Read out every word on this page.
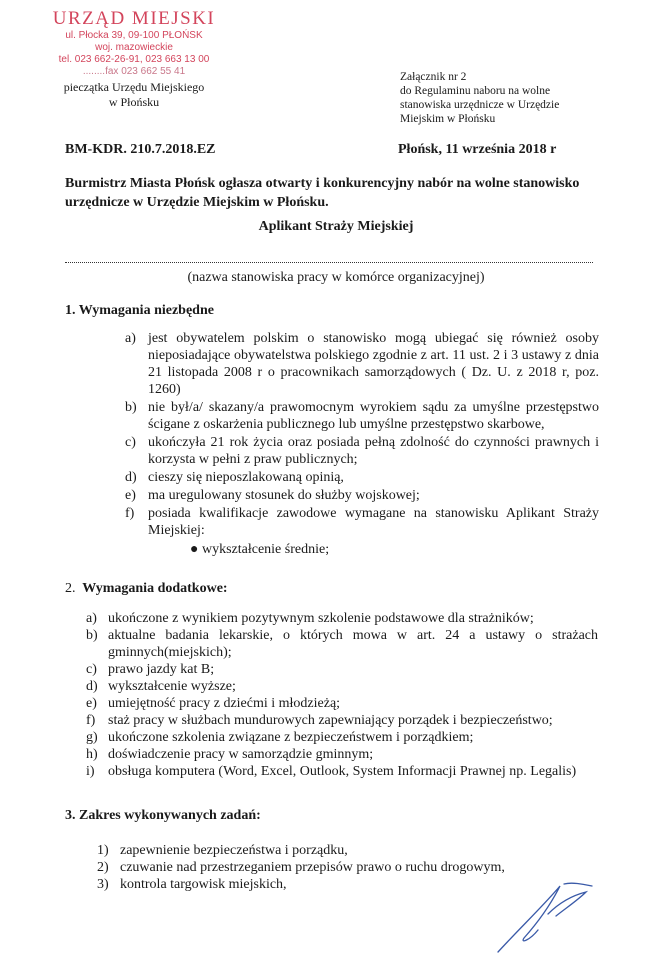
URZĄD MIEJSKI
ul. Płocka 39, 09-100 PŁOŃSK
woj. mazowieckie
tel. 023 662-26-91, 023 663 13 00
........fax 023 662 55 41
pieczątka Urzędu Miejskiego
w Płońsku
Załącznik nr 2
do Regulaminu naboru na wolne
stanowiska urzędnicze w Urzędzie
Miejskim w Płońsku
BM-KDR. 210.7.2018.EZ	Płońsk, 11 września 2018 r
Burmistrz Miasta Płońsk ogłasza otwarty i konkurencyjny nabór na wolne stanowisko urzędnicze w Urzędzie Miejskim w Płońsku.
Aplikant Straży Miejskiej
(nazwa stanowiska pracy w komórce organizacyjnej)
1. Wymagania niezbędne
a) jest obywatelem polskim o stanowisko mogą ubiegać się również osoby nieposiadające obywatelstwa polskiego zgodnie z art. 11 ust. 2 i 3 ustawy z dnia 21 listopada 2008 r o pracownikach samorządowych ( Dz. U. z 2018 r, poz. 1260)
b) nie był/a/ skazany/a prawomocnym wyrokiem sądu za umyślne przestępstwo ścigane z oskarżenia publicznego lub umyślne przestępstwo skarbowe,
c) ukończyła 21 rok życia oraz posiada pełną zdolność do czynności prawnych i korzysta w pełni z praw publicznych;
d) cieszy się nieposzlakowaną opinią,
e) ma uregulowany stosunek do służby wojskowej;
f) posiada kwalifikacje zawodowe wymagane na stanowisku Aplikant Straży Miejskiej:
● wykształcenie średnie;
2. Wymagania dodatkowe:
a) ukończone z wynikiem pozytywnym szkolenie podstawowe dla strażników;
b) aktualne badania lekarskie, o których mowa w art. 24 a ustawy o strażach gminnych(miejskich);
c) prawo jazdy kat B;
d) wykształcenie wyższe;
e) umiejętność pracy z dziećmi i młodzieżą;
f) staż pracy w służbach mundurowych zapewniający porządek i bezpieczeństwo;
g) ukończone szkolenia związane z bezpieczeństwem i porządkiem;
h) doświadczenie pracy w samorządzie gminnym;
i) obsługa komputera (Word, Excel, Outlook, System Informacji Prawnej np. Legalis)
3. Zakres wykonywanych zadań:
1) zapewnienie bezpieczeństwa i porządku,
2) czuwanie nad przestrzeganiem przepisów prawo o ruchu drogowym,
3) kontrola targowisk miejskich,
